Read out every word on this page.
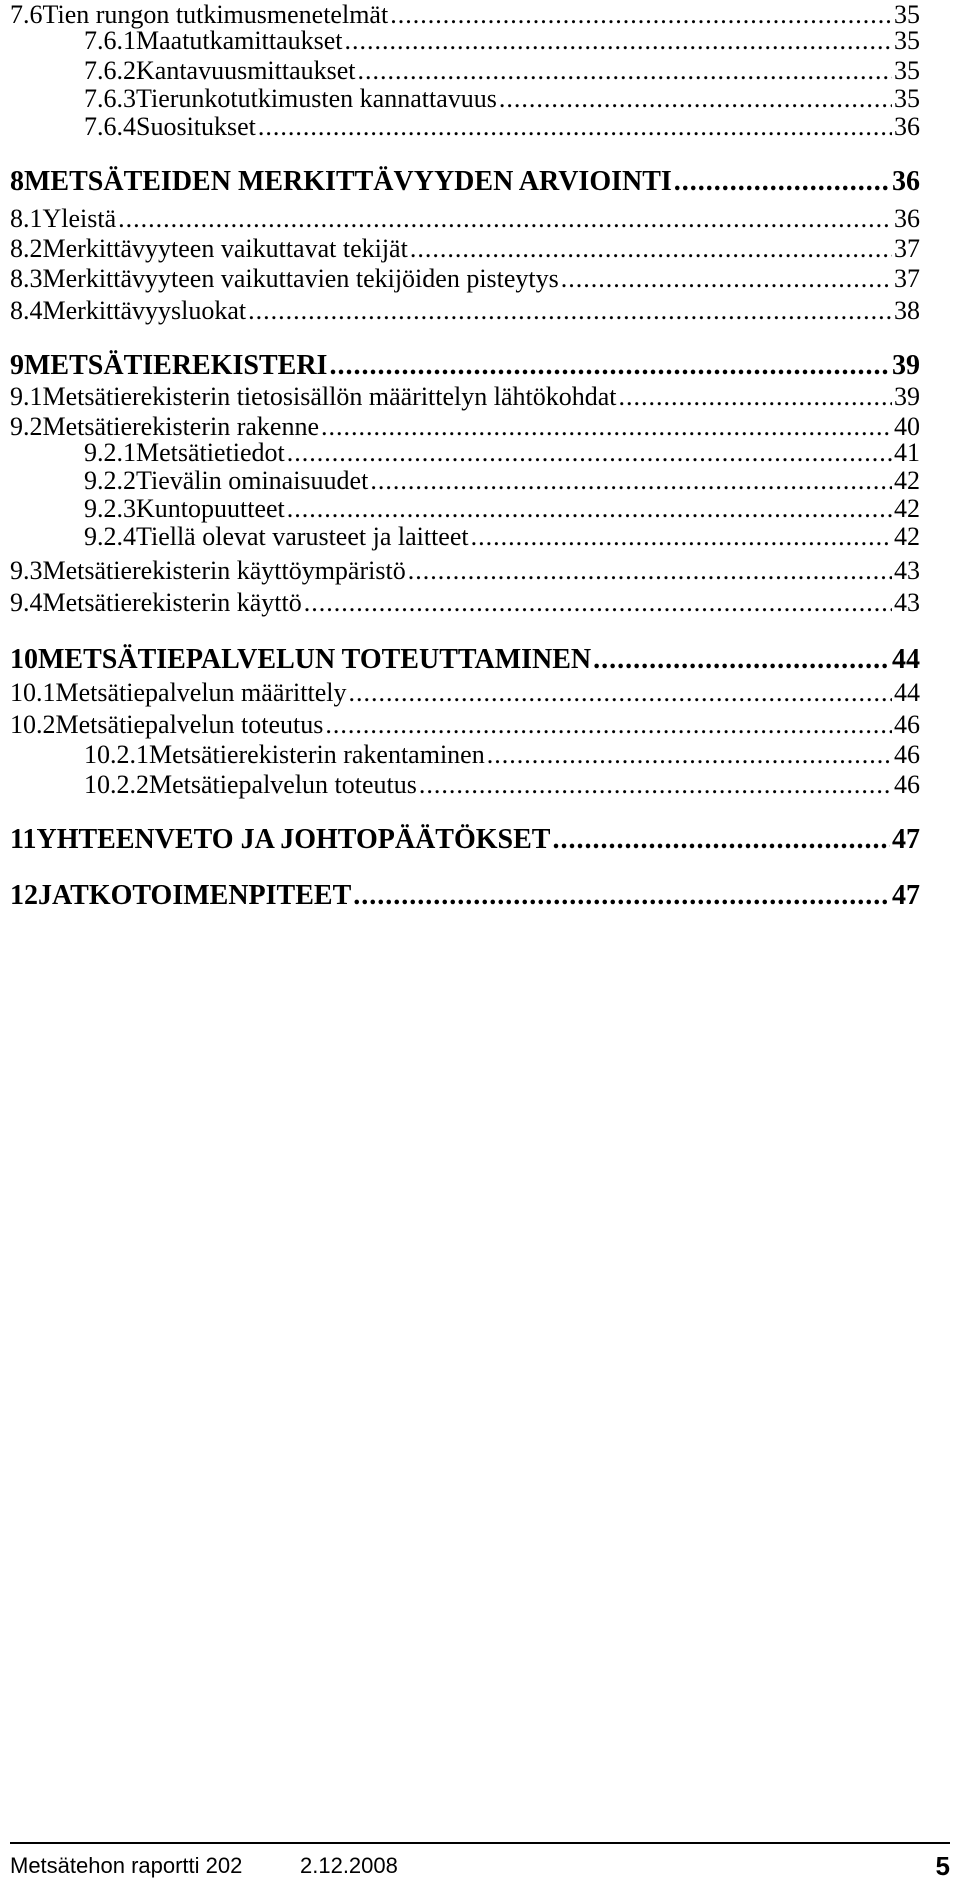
7.6 Tien rungon tutkimusmenetelmät .....	35
7.6.1 Maatutkamittaukset .....	35
7.6.2 Kantavuusmittaukset .....	35
7.6.3 Tierunkotutkimusten kannattavuus .....	35
7.6.4 Suositukset .....	36
8 METSÄTEIDEN MERKITTÄVYYDEN ARVIOINTI .....	36
8.1 Yleistä .....	36
8.2 Merkittävyyteen vaikuttavat tekijät .....	37
8.3 Merkittävyyteen vaikuttavien tekijöiden pisteytys .....	37
8.4 Merkittävyysluokat .....	38
9 METSÄTIEREKISTERI .....	39
9.1 Metsätierekisterin tietosisällön määrittelyn lähtökohdat .....	39
9.2 Metsätierekisterin rakenne .....	40
9.2.1 Metsätietiedot .....	41
9.2.2 Tievälin ominaisuudet .....	42
9.2.3 Kuntopuutteet .....	42
9.2.4 Tiellä olevat varusteet ja laitteet .....	42
9.3 Metsätierekisterin käyttöympäristö .....	43
9.4 Metsätierekisterin käyttö .....	43
10 METSÄTIEPALVELUN TOTEUTTAMINEN .....	44
10.1 Metsätiepalvelun määrittely .....	44
10.2 Metsätiepalvelun toteutus .....	46
10.2.1 Metsätierekisterin rakentaminen .....	46
10.2.2 Metsätiepalvelun toteutus .....	46
11 YHTEENVETO JA JOHTOPÄÄTÖKSET .....	47
12 JATKOTOIMENPITEET .....	47
Metsätehon raportti 202	2.12.2008	5
